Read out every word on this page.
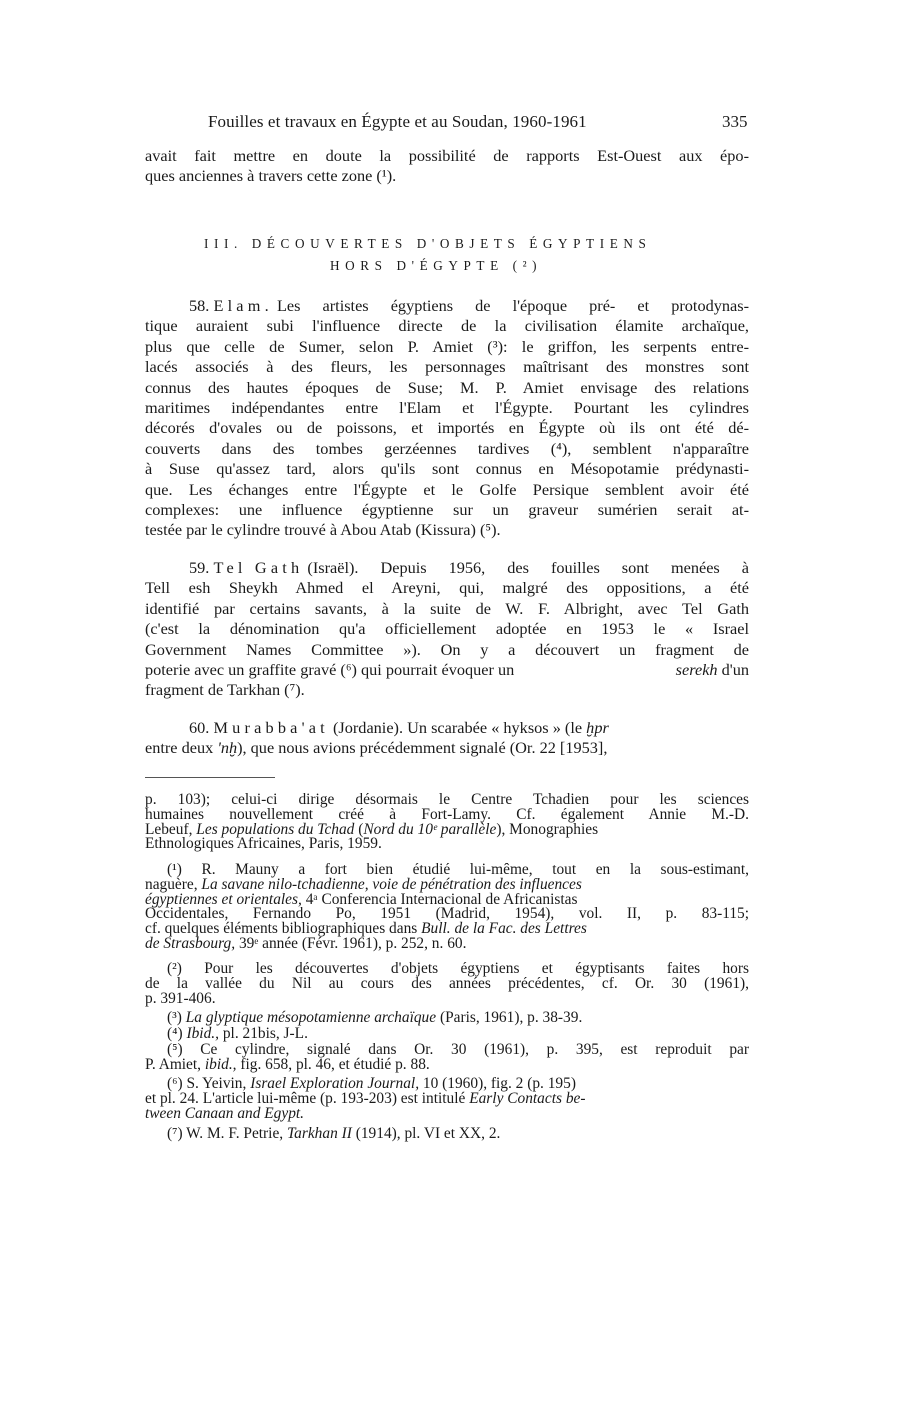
Fouilles et travaux en Égypte et au Soudan, 1960-1961	335
avait fait mettre en doute la possibilité de rapports Est-Ouest aux épo-
ques anciennes à travers cette zone (¹).
III. DÉCOUVERTES D'OBJETS ÉGYPTIENS
HORS D'ÉGYPTE (²)
58.
Elam.
Les artistes égyptiens de l'époque pré- et protodynas-
tique auraient subi l'influence directe de la civilisation élamite archaïque,
plus que celle de Sumer, selon P. Amiet (³): le griffon, les serpents entre-
lacés associés à des fleurs, les personnages maîtrisant des monstres sont
connus des hautes époques de Suse; M. P. Amiet envisage des relations
maritimes indépendantes entre l'Elam et l'Égypte. Pourtant les cylindres
décorés d'ovales ou de poissons, et importés en Égypte où ils ont été dé-
couverts dans des tombes gerzéennes tardives (⁴), semblent n'apparaître
à Suse qu'assez tard, alors qu'ils sont connus en Mésopotamie prédynasti-
que. Les échanges entre l'Égypte et le Golfe Persique semblent avoir été
complexes: une influence égyptienne sur un graveur sumérien serait at-
testée par le cylindre trouvé à Abou Atab (Kissura) (⁵).
59.
Tel Gath
(Israël). Depuis 1956, des fouilles sont menées à
Tell esh Sheykh Ahmed el Areyni, qui, malgré des oppositions, a été
identifié par certains savants, à la suite de W. F. Albright, avec Tel Gath
(c'est la dénomination qu'a officiellement adoptée en 1953 le « Israel
Government Names Committee »). On y a découvert un fragment de
poterie avec un graffite gravé (⁶) qui pourrait évoquer un	serekh d'un
fragment de Tarkhan (⁷).
60. Murabba'at (Jordanie). Un scarabée « hyksos » (le ḫpr
entre deux 'nḫ), que nous avions précédemment signalé (Or. 22 [1953],
p. 103); celui-ci dirige désormais le Centre Tchadien pour les sciences
humaines nouvellement créé à Fort-Lamy. Cf. également Annie M.-D.
Lebeuf, Les populations du Tchad (Nord du 10ᵉ parallèle), Monographies
Ethnologiques Africaines, Paris, 1959.
(¹) R. Mauny a fort bien étudié lui-même, tout en la sous-estimant,
naguère, La savane nilo-tchadienne, voie de pénétration des influences
égyptiennes et orientales, 4ᵃ Conferencia Internacional de Africanistas
Occidentales, Fernando Po, 1951 (Madrid, 1954), vol. II, p. 83-115;
cf. quelques éléments bibliographiques dans Bull. de la Fac. des Lettres
de Strasbourg, 39ᵉ année (Févr. 1961), p. 252, n. 60.
(²) Pour les découvertes d'objets égyptiens et égyptisants faites hors
de la vallée du Nil au cours des années précédentes, cf. Or. 30 (1961),
p. 391-406.
(³) La glyptique mésopotamienne archaïque (Paris, 1961), p. 38-39.
(⁴) Ibid., pl. 21bis, J-L.
(⁵) Ce cylindre, signalé dans Or. 30 (1961), p. 395, est reproduit par
P. Amiet, ibid., fig. 658, pl. 46, et étudié p. 88.
(⁶) S. Yeivin, Israel Exploration Journal, 10 (1960), fig. 2 (p. 195)
et pl. 24. L'article lui-même (p. 193-203) est intitulé Early Contacts be-
tween Canaan and Egypt.
(⁷) W. M. F. Petrie, Tarkhan II (1914), pl. VI et XX, 2.
